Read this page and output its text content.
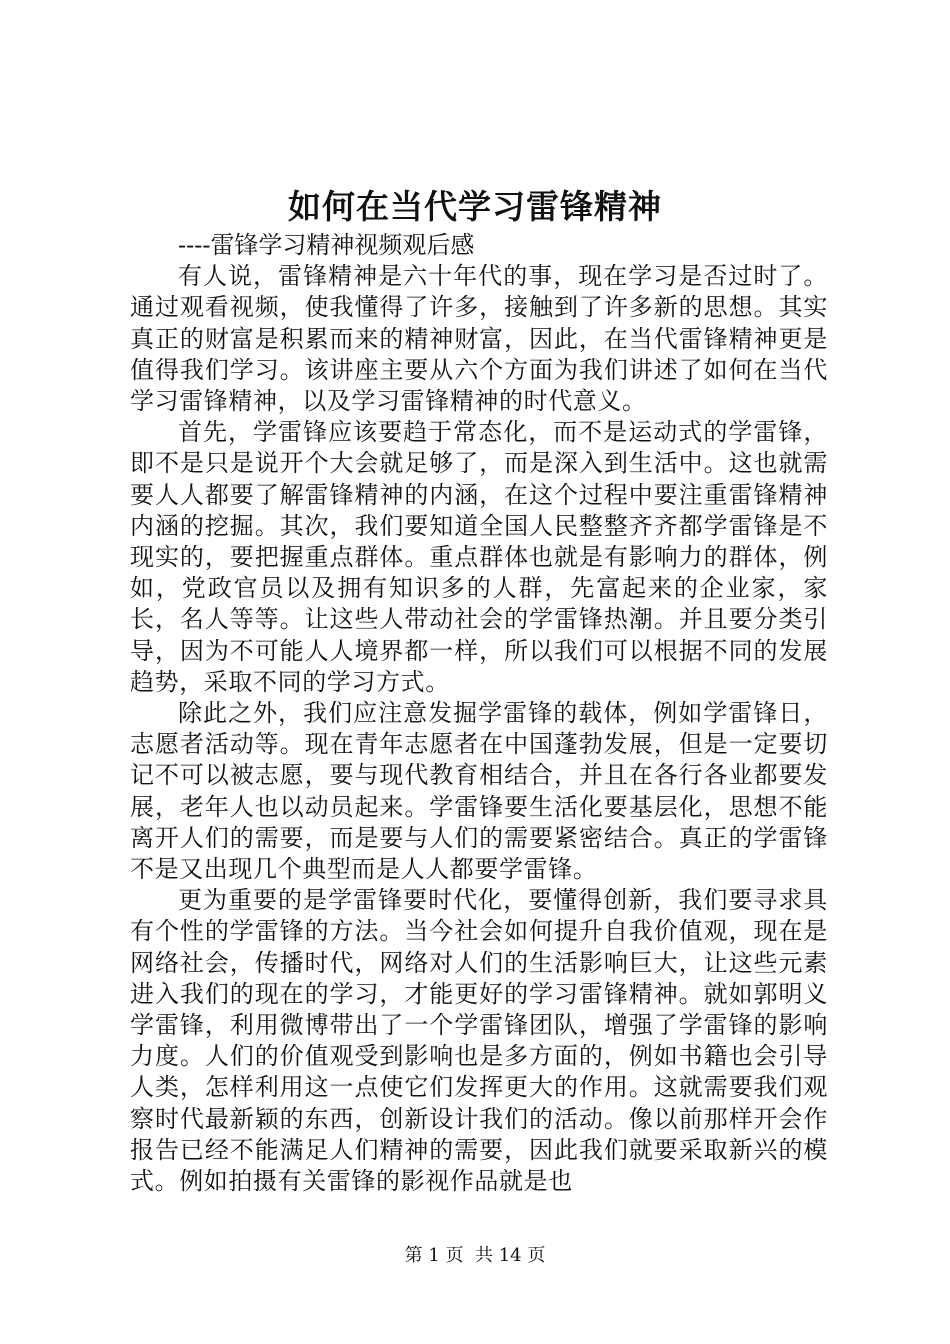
如何在当代学习雷锋精神

----雷锋学习精神视频观后感

有人说，雷锋精神是六十年代的事，现在学习是否过时了。通过观看视频，使我懂得了许多，接触到了许多新的思想。其实真正的财富是积累而来的精神财富，因此，在当代雷锋精神更是值得我们学习。该讲座主要从六个方面为我们讲述了如何在当代学习雷锋精神，以及学习雷锋精神的时代意义。

首先，学雷锋应该要趋于常态化，而不是运动式的学雷锋，即不是只是说开个大会就足够了，而是深入到生活中。这也就需要人人都要了解雷锋精神的内涵，在这个过程中要注重雷锋精神内涵的挖掘。其次，我们要知道全国人民整整齐齐都学雷锋是不现实的，要把握重点群体。重点群体也就是有影响力的群体，例如，党政官员以及拥有知识多的人群，先富起来的企业家，家长，名人等等。让这些人带动社会的学雷锋热潮。并且要分类引导，因为不可能人人境界都一样，所以我们可以根据不同的发展趋势，采取不同的学习方式。

除此之外，我们应注意发掘学雷锋的载体，例如学雷锋日，志愿者活动等。现在青年志愿者在中国蓬勃发展，但是一定要切记不可以被志愿，要与现代教育相结合，并且在各行各业都要发展，老年人也以动员起来。学雷锋要生活化要基层化，思想不能离开人们的需要，而是要与人们的需要紧密结合。真正的学雷锋不是又出现几个典型而是人人都要学雷锋。

更为重要的是学雷锋要时代化，要懂得创新，我们要寻求具有个性的学雷锋的方法。当今社会如何提升自我价值观，现在是网络社会，传播时代，网络对人们的生活影响巨大，让这些元素进入我们的现在的学习，才能更好的学习雷锋精神。就如郭明义学雷锋，利用微博带出了一个学雷锋团队，增强了学雷锋的影响力度。人们的价值观受到影响也是多方面的，例如书籍也会引导人类，怎样利用这一点使它们发挥更大的作用。这就需要我们观察时代最新颖的东西，创新设计我们的活动。像以前那样开会作报告已经不能满足人们精神的需要，因此我们就要采取新兴的模式。例如拍摄有关雷锋的影视作品就是也

第 1 页  共 14 页
